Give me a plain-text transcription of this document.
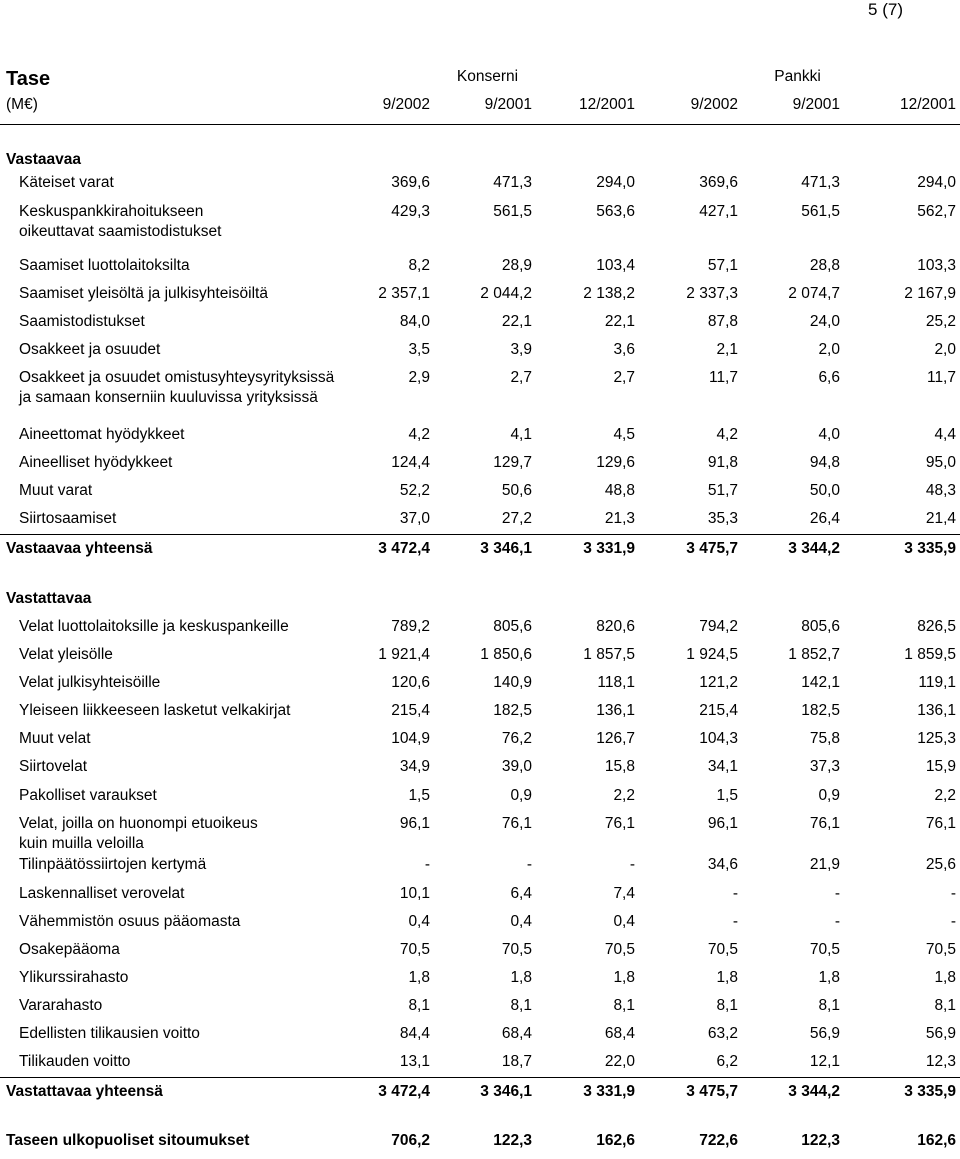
5 (7)
Tase
(M€)
Konserni	Pankki
9/2002	9/2001	12/2001	9/2002	9/2001	12/2001
Vastaavaa
Käteiset varat	369,6	471,3	294,0	369,6	471,3	294,0
Keskuspankkirahoitukseen
oikeuttavat saamistodistukset
429,3	561,5	563,6	427,1	561,5	562,7
Saamiset luottolaitoksilta	8,2	28,9	103,4	57,1	28,8	103,3
Saamiset yleisöltä ja julkisyhteisöiltä	2 357,1	2 044,2	2 138,2	2 337,3	2 074,7	2 167,9
Saamistodistukset	84,0	22,1	22,1	87,8	24,0	25,2
Osakkeet ja osuudet	3,5	3,9	3,6	2,1	2,0	2,0
Osakkeet ja osuudet omistusyhteysyrityksissä
ja samaan konserniin kuuluvissa yrityksissä
2,9	2,7	2,7	11,7	6,6	11,7
Aineettomat hyödykkeet	4,2	4,1	4,5	4,2	4,0	4,4
Aineelliset hyödykkeet	124,4	129,7	129,6	91,8	94,8	95,0
Muut varat	52,2	50,6	48,8	51,7	50,0	48,3
Siirtosaamiset	37,0	27,2	21,3	35,3	26,4	21,4
Vastaavaa yhteensä	3 472,4	3 346,1	3 331,9	3 475,7	3 344,2	3 335,9
Vastattavaa
Velat luottolaitoksille ja keskuspankeille	789,2	805,6	820,6	794,2	805,6	826,5
Velat yleisölle	1 921,4	1 850,6	1 857,5	1 924,5	1 852,7	1 859,5
Velat julkisyhteisöille	120,6	140,9	118,1	121,2	142,1	119,1
Yleiseen liikkeeseen lasketut velkakirjat	215,4	182,5	136,1	215,4	182,5	136,1
Muut velat	104,9	76,2	126,7	104,3	75,8	125,3
Siirtovelat	34,9	39,0	15,8	34,1	37,3	15,9
Pakolliset varaukset	1,5	0,9	2,2	1,5	0,9	2,2
Velat, joilla on huonompi etuoikeus
kuin muilla veloilla
96,1	76,1	76,1	96,1	76,1	76,1
Tilinpäätössiirtojen kertymä	-	-	-	34,6	21,9	25,6
Laskennalliset verovelat	10,1	6,4	7,4	-	-	-
Vähemmistön osuus pääomasta	0,4	0,4	0,4	-	-	-
Osakepääoma	70,5	70,5	70,5	70,5	70,5	70,5
Ylikurssirahasto	1,8	1,8	1,8	1,8	1,8	1,8
Vararahasto	8,1	8,1	8,1	8,1	8,1	8,1
Edellisten tilikausien voitto	84,4	68,4	68,4	63,2	56,9	56,9
Tilikauden voitto	13,1	18,7	22,0	6,2	12,1	12,3
Vastattavaa yhteensä	3 472,4	3 346,1	3 331,9	3 475,7	3 344,2	3 335,9
Taseen ulkopuoliset sitoumukset	706,2	122,3	162,6	722,6	122,3	162,6
